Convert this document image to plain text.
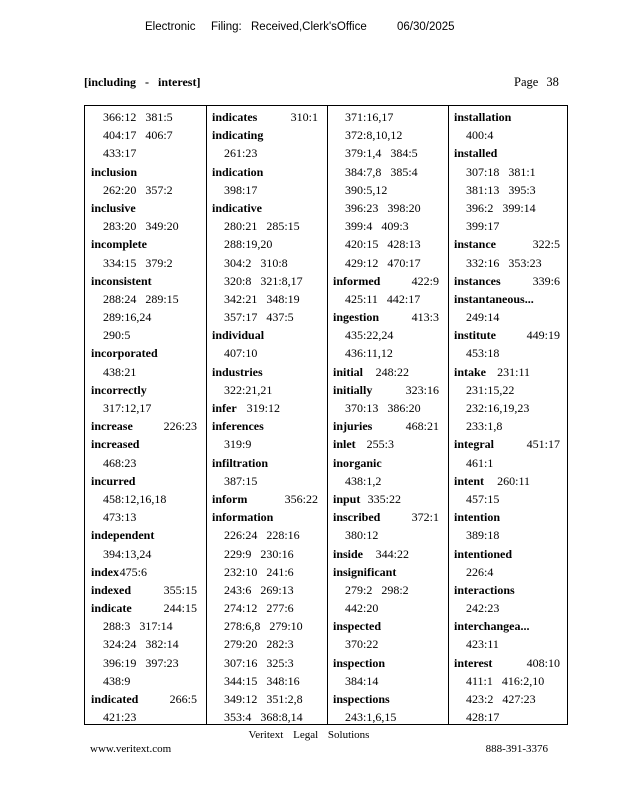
Electronic Filing: Received,Clerk'sOffice	06/30/2025
[including - interest]	Page 38
366:12 381:5
404:17 406:7
433:17
inclusion
262:20 357:2
inclusive
283:20 349:20
incomplete
334:15 379:2
inconsistent
288:24 289:15
289:16,24
290:5
incorporated
438:21
incorrectly
317:12,17
increase	226:23
increased
468:23
incurred
458:12,16,18
473:13
independent
394:13,24
index 475:6
indexed	355:15
indicate	244:15
288:3 317:14
324:24 382:14
396:19 397:23
438:9
indicated	266:5
421:23
indicates	310:1
indicating
261:23
indication
398:17
indicative
280:21 285:15
288:19,20
304:2 310:8
320:8 321:8,17
342:21 348:19
357:17 437:5
individual
407:10
industries
322:21,21
infer 319:12
inferences
319:9
infiltration
387:15
inform	356:22
information
226:24 228:16
229:9 230:16
232:10 241:6
243:6 269:13
274:12 277:6
278:6,8 279:10
279:20 282:3
307:16 325:3
344:15 348:16
349:12 351:2,8
353:4 368:8,14
371:16,17
372:8,10,12
379:1,4 384:5
384:7,8 385:4
390:5,12
396:23 398:20
399:4 409:3
420:15 428:13
429:12 470:17
informed	422:9
425:11 442:17
ingestion	413:3
435:22,24
436:11,12
initial 248:22
initially	323:16
370:13 386:20
injuries	468:21
inlet 255:3
inorganic
438:1,2
input 335:22
inscribed	372:1
380:12
inside 344:22
insignificant
279:2 298:2
442:20
inspected
370:22
inspection
384:14
inspections
243:1,6,15
installation
400:4
installed
307:18 381:1
381:13 395:3
396:2 399:14
399:17
instance	322:5
332:16 353:23
instances	339:6
instantaneous...
249:14
institute	449:19
453:18
intake 231:11
231:15,22
232:16,19,23
233:1,8
integral	451:17
461:1
intent 260:11
457:15
intention
389:18
intentioned
226:4
interactions
242:23
interchangea...
423:11
interest	408:10
411:1 416:2,10
423:2 427:23
428:17
Veritext Legal Solutions
www.veritext.com	888-391-3376
